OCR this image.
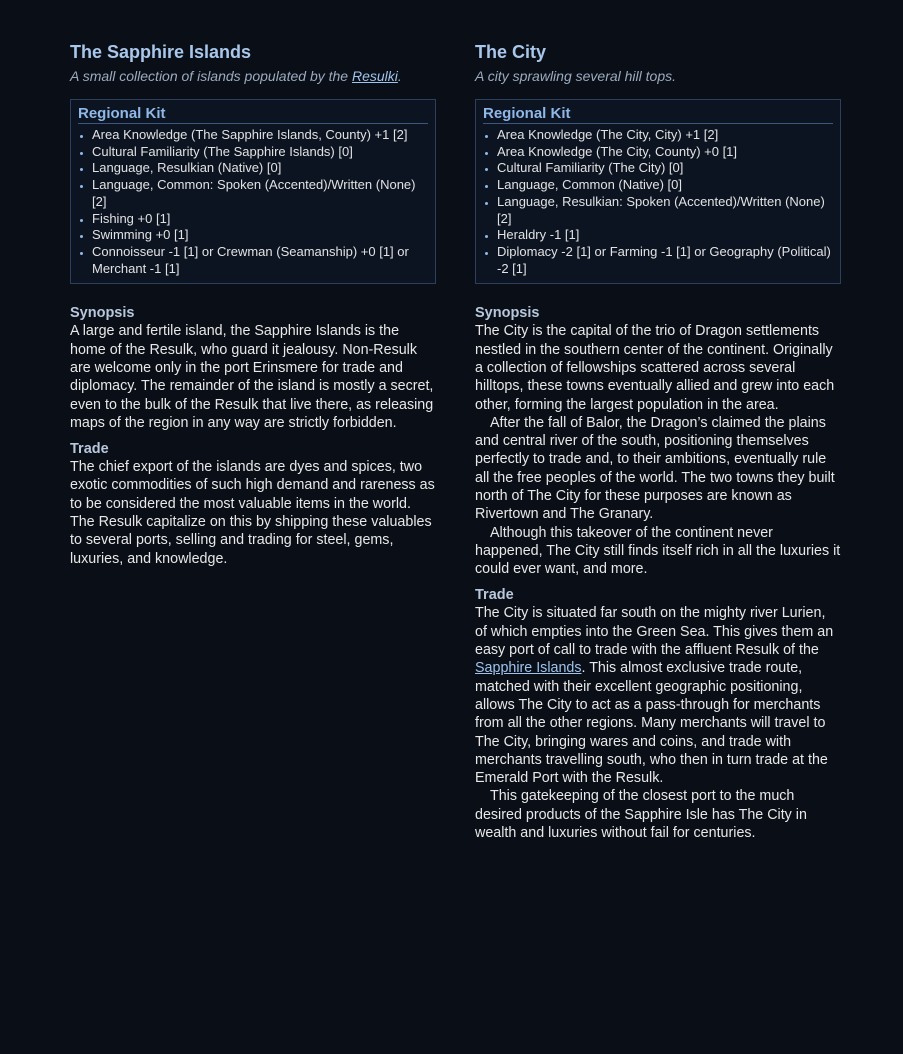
The Sapphire Islands

A small collection of islands populated by the Resulki.

Regional Kit
• Area Knowledge (The Sapphire Islands, County) +1 [2]
• Cultural Familiarity (The Sapphire Islands) [0]
• Language, Resulkian (Native) [0]
• Language, Common: Spoken (Accented)/Written (None) [2]
• Fishing +0 [1]
• Swimming +0 [1]
• Connoisseur -1 [1] or Crewman (Seamanship) +0 [1] or Merchant -1 [1]
Synopsis

A large and fertile island, the Sapphire Islands is the home of the Resulk, who guard it jealousy. Non-Resulk are welcome only in the port Erinsmere for trade and diplomacy. The remainder of the island is mostly a secret, even to the bulk of the Resulk that live there, as releasing maps of the region in any way are strictly forbidden.

Trade

The chief export of the islands are dyes and spices, two exotic commodities of such high demand and rareness as to be considered the most valuable items in the world. The Resulk capitalize on this by shipping these valuables to several ports, selling and trading for steel, gems, luxuries, and knowledge.

The City

A city sprawling several hill tops.

Regional Kit
• Area Knowledge (The City, City) +1 [2]
• Area Knowledge (The City, County) +0 [1]
• Cultural Familiarity (The City) [0]
• Language, Common (Native) [0]
• Language, Resulkian: Spoken (Accented)/Written (None) [2]
• Heraldry -1 [1]
• Diplomacy -2 [1] or Farming -1 [1] or Geography (Political) -2 [1]
Synopsis

The City is the capital of the trio of Dragon settlements nestled in the southern center of the continent. Originally a collection of fellowships scattered across several hilltops, these towns eventually allied and grew into each other, forming the largest population in the area.

After the fall of Balor, the Dragon’s claimed the plains and central river of the south, positioning themselves perfectly to trade and, to their ambitions, eventually rule all the free peoples of the world. The two towns they built north of The City for these purposes are known as Rivertown and The Granary.

Although this takeover of the continent never happened, The City still finds itself rich in all the luxuries it could ever want, and more.

Trade

The City is situated far south on the mighty river Lurien, of which empties into the Green Sea. This gives them an easy port of call to trade with the affluent Resulk of the Sapphire Islands. This almost exclusive trade route, matched with their excellent geographic positioning, allows The City to act as a pass-through for merchants from all the other regions. Many merchants will travel to The City, bringing wares and coins, and trade with merchants travelling south, who then in turn trade at the Emerald Port with the Resulk.

This gatekeeping of the closest port to the much desired products of the Sapphire Isle has The City in wealth and luxuries without fail for centuries.
